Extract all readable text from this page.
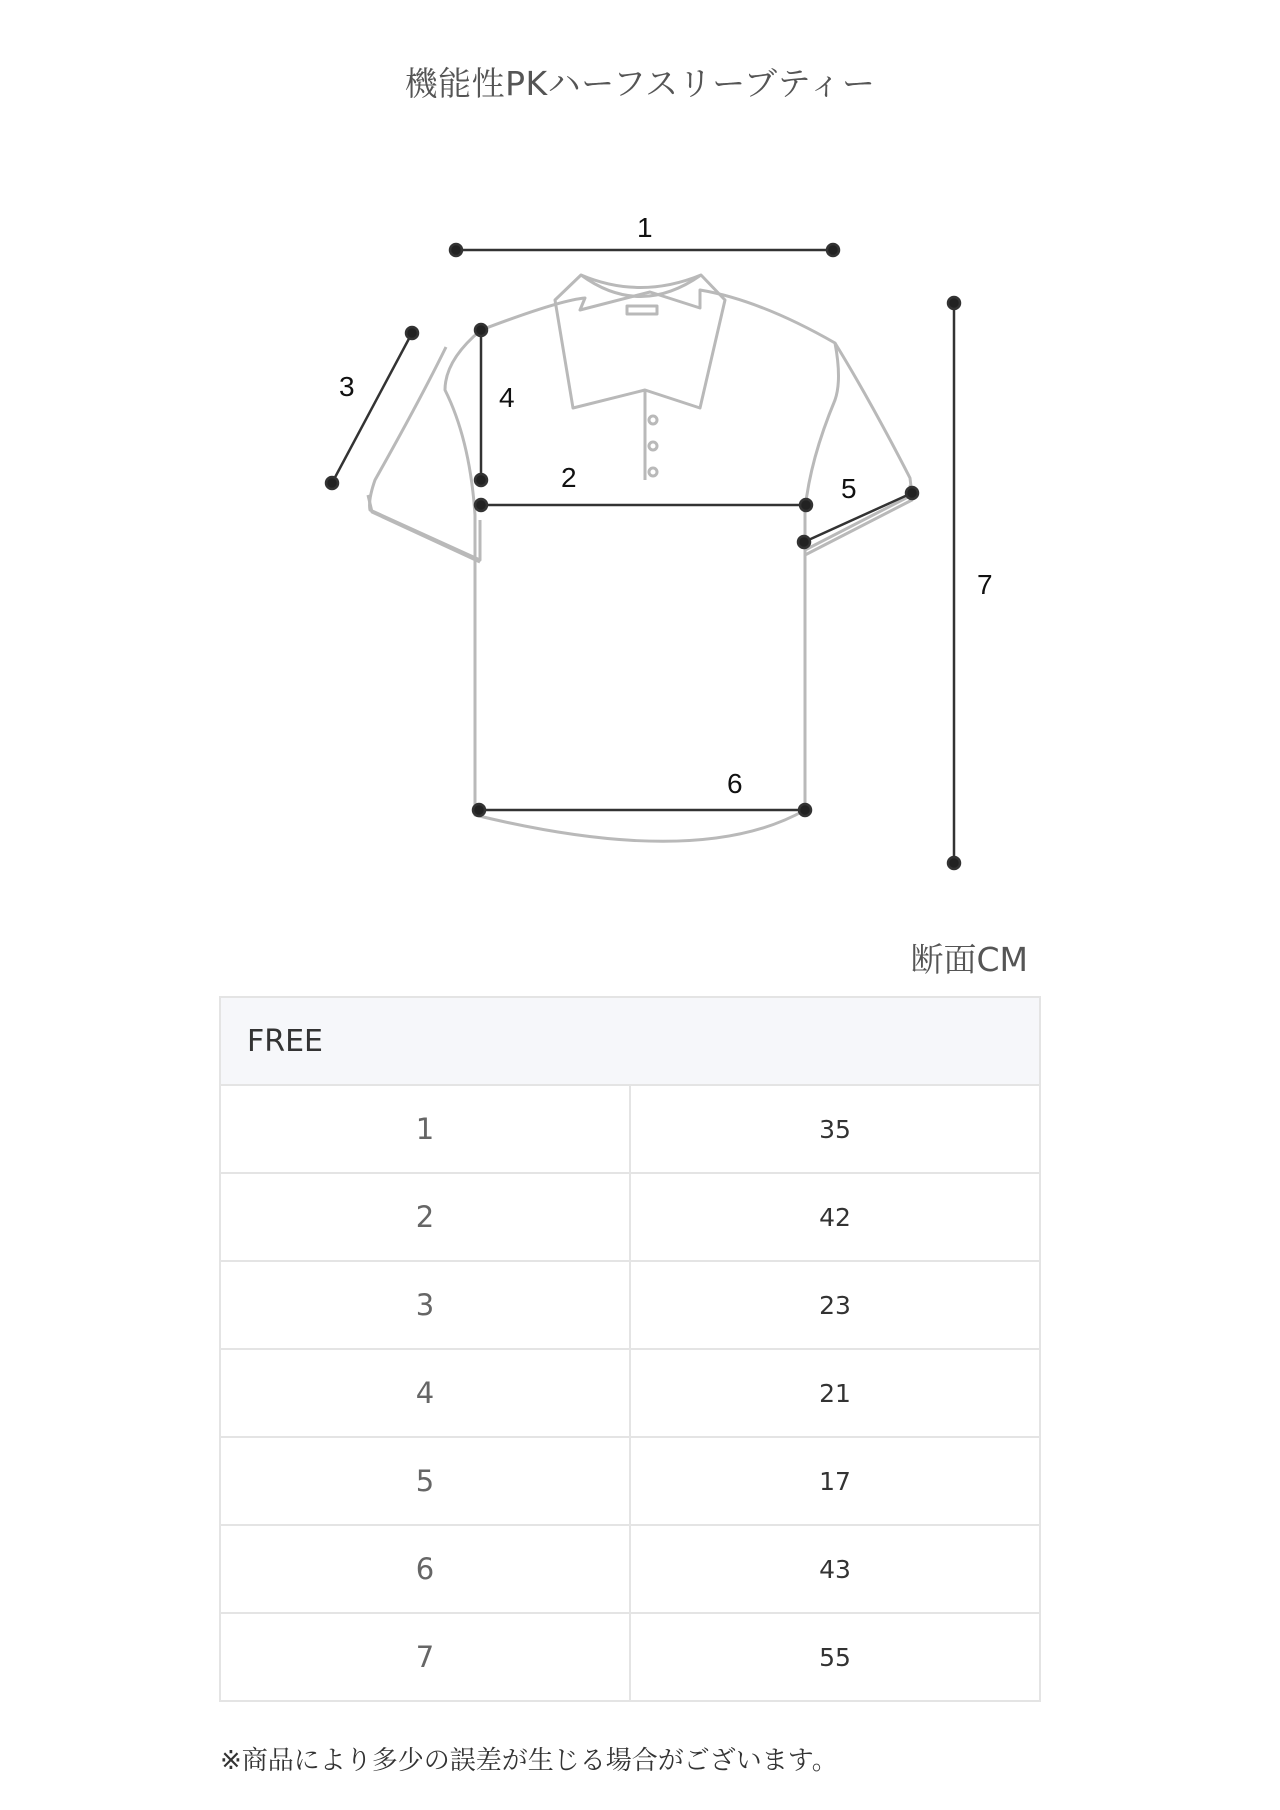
機能性PKハーフスリーブティー
1
2
3	4
5
6
7
断面CM
FREE	
1	35
2	42
3	23
4	21
5	17
6	43
7	55
※商品により多少の誤差が生じる場合がございます。
